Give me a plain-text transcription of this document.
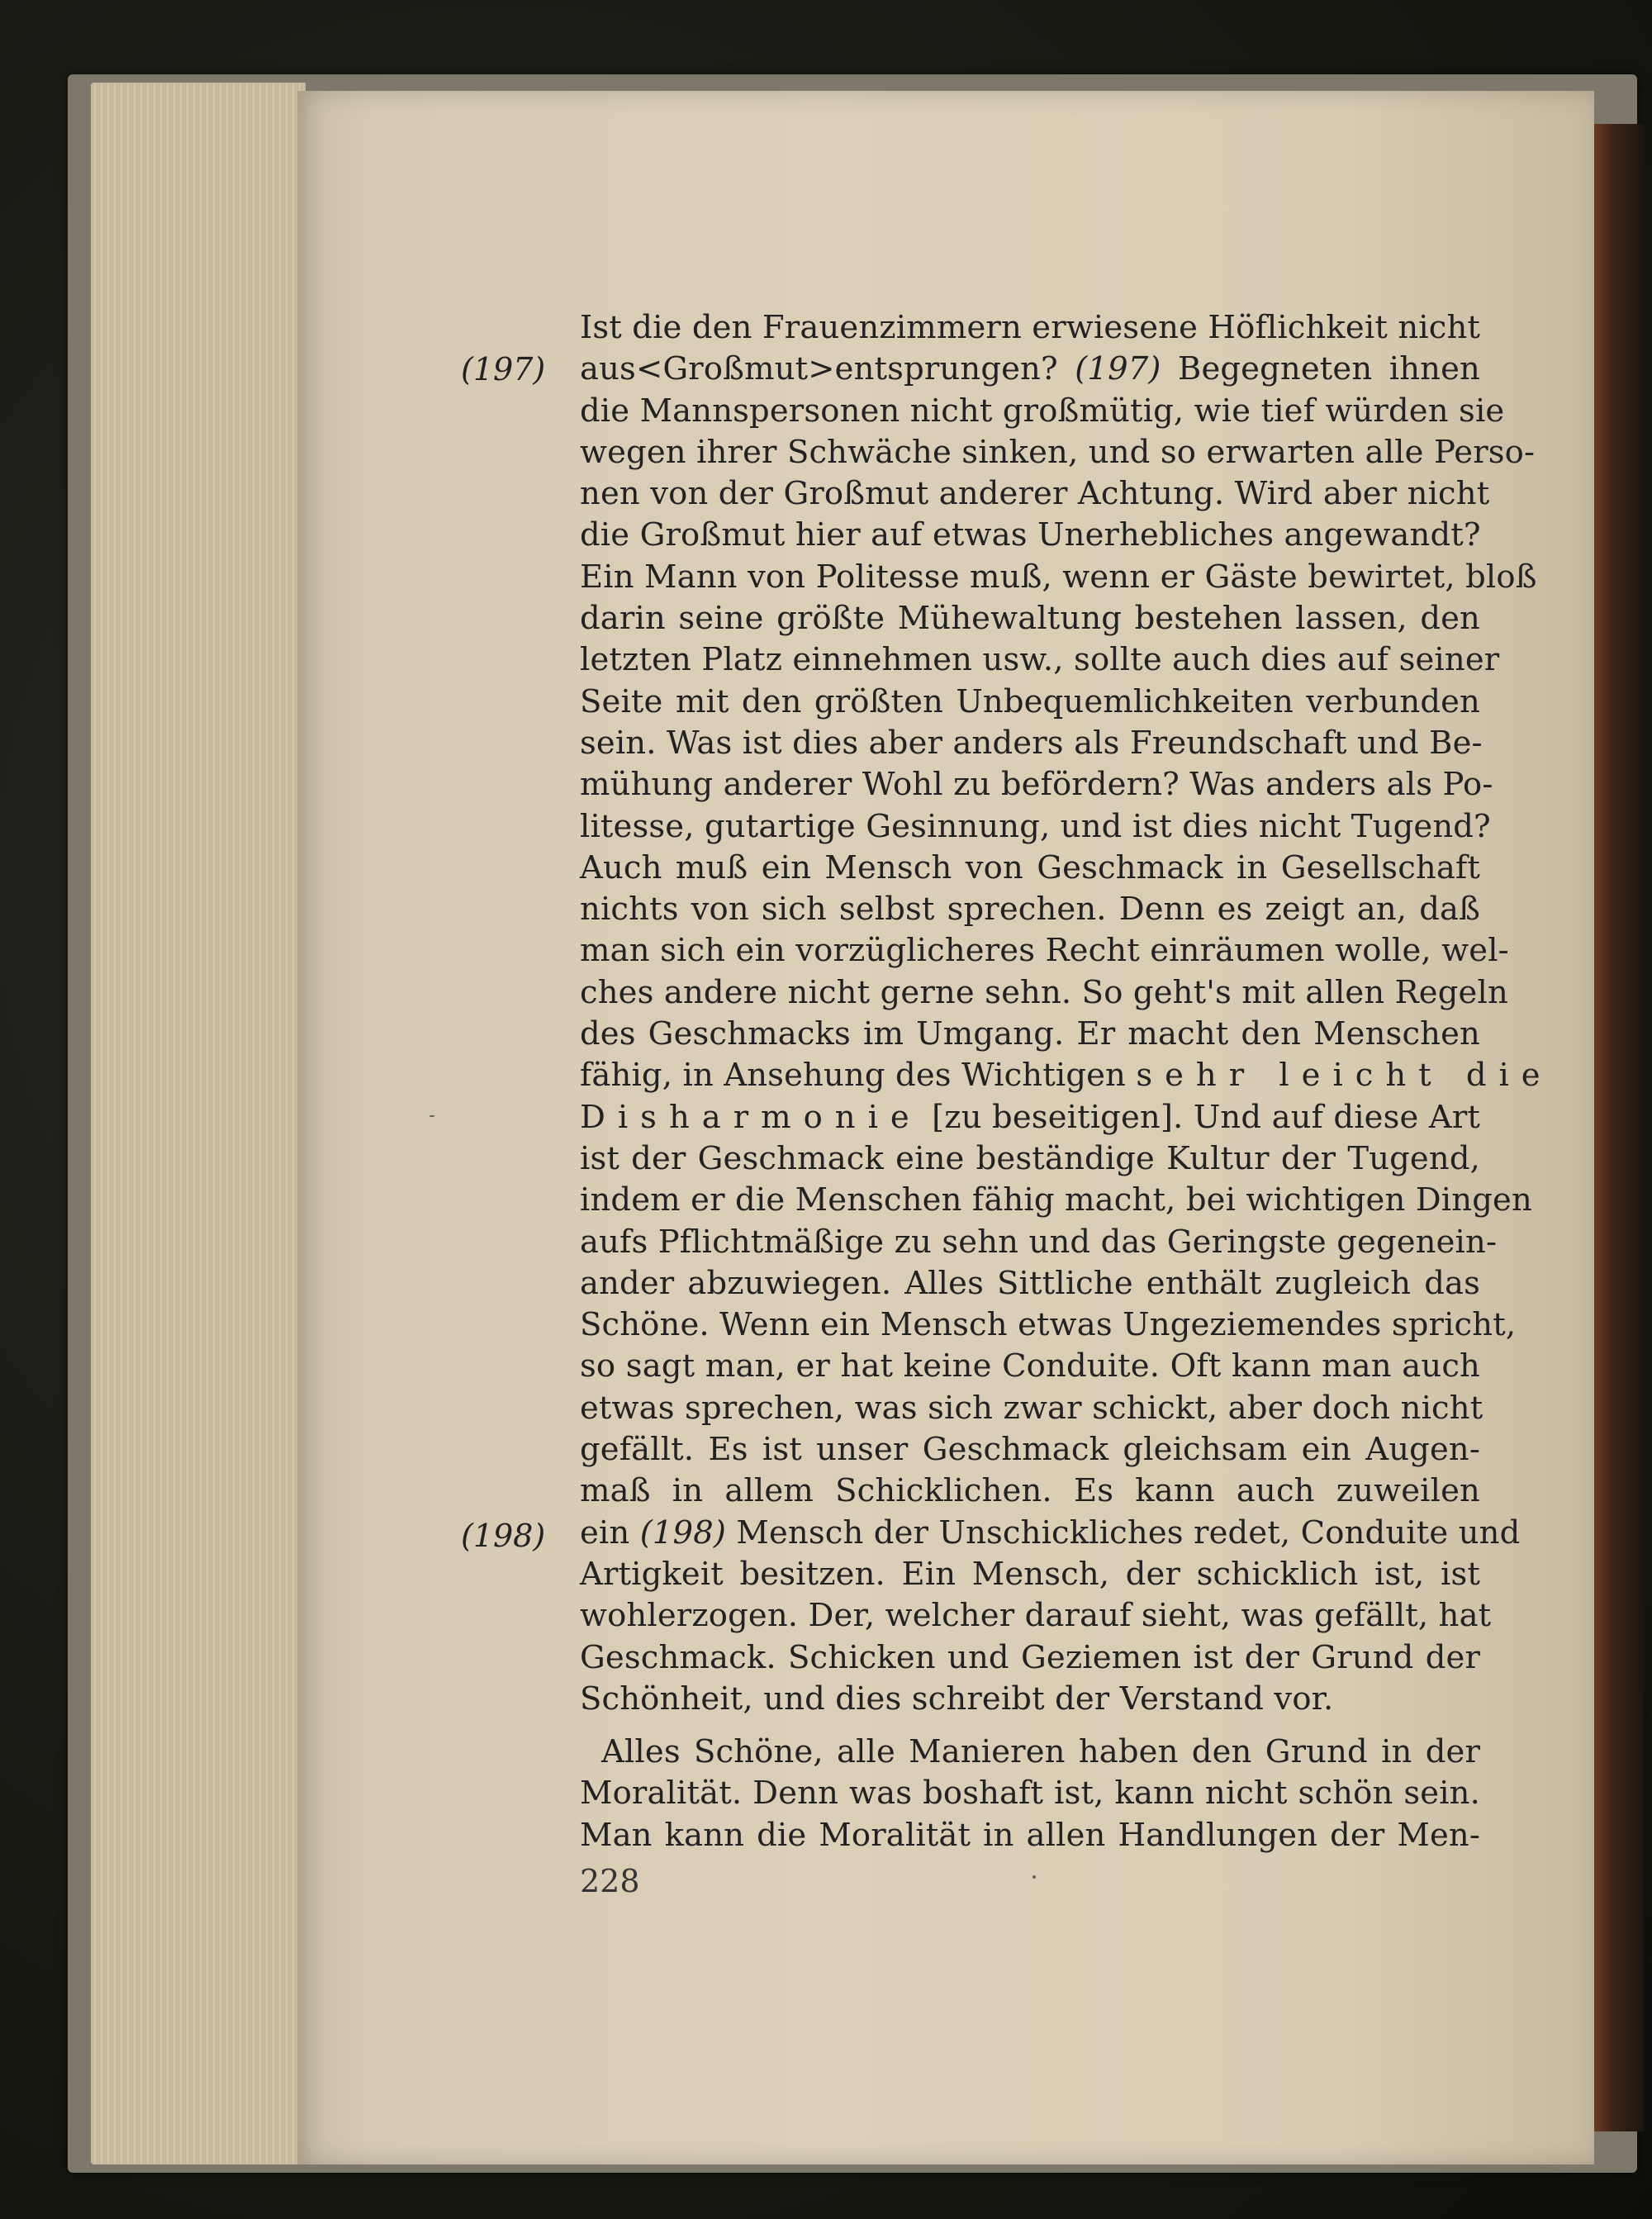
(197)
(198)
Ist die den Frauenzimmern erwiesene Höflichkeit nicht
aus<Großmut>entsprungen? (197) Begegneten ihnen
die Mannspersonen nicht großmütig, wie tief würden sie
wegen ihrer Schwäche sinken, und so erwarten alle Perso-
nen von der Großmut anderer Achtung. Wird aber nicht
die Großmut hier auf etwas Unerhebliches angewandt?
Ein Mann von Politesse muß, wenn er Gäste bewirtet, bloß
darin seine größte Mühewaltung bestehen lassen, den
letzten Platz einnehmen usw., sollte auch dies auf seiner
Seite mit den größten Unbequemlichkeiten verbunden
sein. Was ist dies aber anders als Freundschaft und Be-
mühung anderer Wohl zu befördern? Was anders als Po-
litesse, gutartige Gesinnung, und ist dies nicht Tugend?
Auch muß ein Mensch von Geschmack in Gesellschaft
nichts von sich selbst sprechen. Denn es zeigt an, daß
man sich ein vorzüglicheres Recht einräumen wolle, wel-
ches andere nicht gerne sehn. So geht's mit allen Regeln
des Geschmacks im Umgang. Er macht den Menschen
fähig, in Ansehung des Wichtigen sehr leicht die
Disharmonie [zu beseitigen]. Und auf diese Art
ist der Geschmack eine beständige Kultur der Tugend,
indem er die Menschen fähig macht, bei wichtigen Dingen
aufs Pflichtmäßige zu sehn und das Geringste gegenein-
ander abzuwiegen. Alles Sittliche enthält zugleich das
Schöne. Wenn ein Mensch etwas Ungeziemendes spricht,
so sagt man, er hat keine Conduite. Oft kann man auch
etwas sprechen, was sich zwar schickt, aber doch nicht
gefällt. Es ist unser Geschmack gleichsam ein Augen-
maß in allem Schicklichen. Es kann auch zuweilen
ein (198) Mensch der Unschickliches redet, Conduite und
Artigkeit besitzen. Ein Mensch, der schicklich ist, ist
wohlerzogen. Der, welcher darauf sieht, was gefällt, hat
Geschmack. Schicken und Geziemen ist der Grund der
Schönheit, und dies schreibt der Verstand vor.
Alles Schöne, alle Manieren haben den Grund in der
Moralität. Denn was boshaft ist, kann nicht schön sein.
Man kann die Moralität in allen Handlungen der Men-
228
